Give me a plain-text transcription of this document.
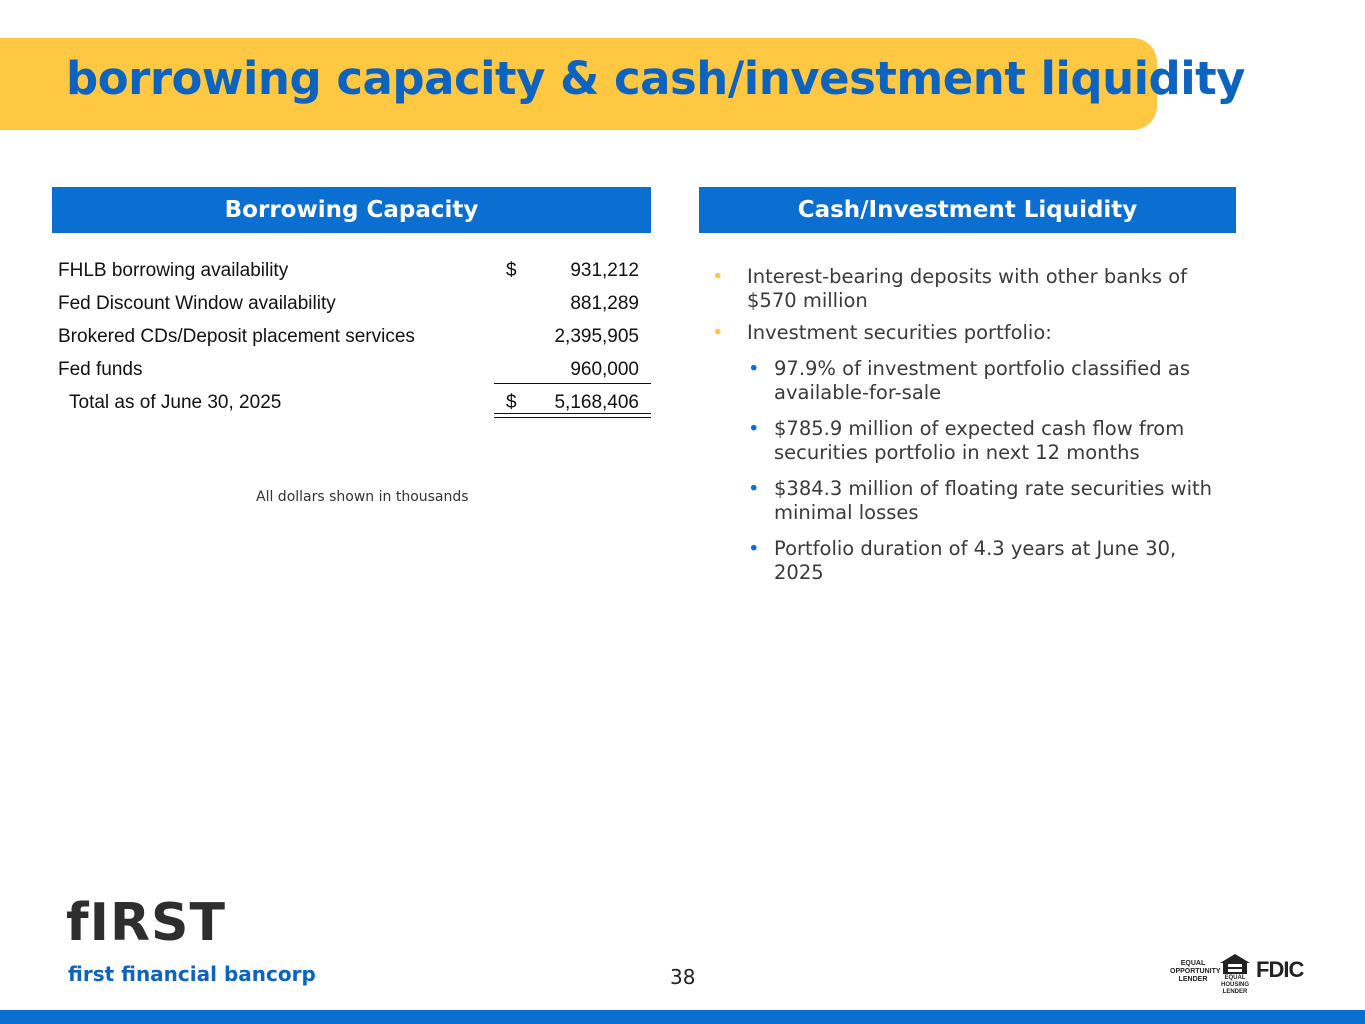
borrowing capacity & cash/investment liquidity
Borrowing Capacity	Cash/Investment Liquidity
FHLB borrowing availability	$	931,212
Fed Discount Window availability	881,289
Brokered CDs/Deposit placement services	2,395,905
Fed funds	960,000
Total as of June 30, 2025	$ 5,168,406
All dollars shown in thousands
• Interest-bearing deposits with other banks of $570 million
• Investment securities portfolio:
• 97.9% of investment portfolio classified as available-for-sale
• $785.9 million of expected cash flow from securities portfolio in next 12 months
• $384.3 million of floating rate securities with minimal losses
• Portfolio duration of 4.3 years at June 30, 2025
fIRST
first financial bancorp	38
EQUAL
OPPORTUNITY
LENDER	EQUAL HOUSING
LENDER
FDIC
